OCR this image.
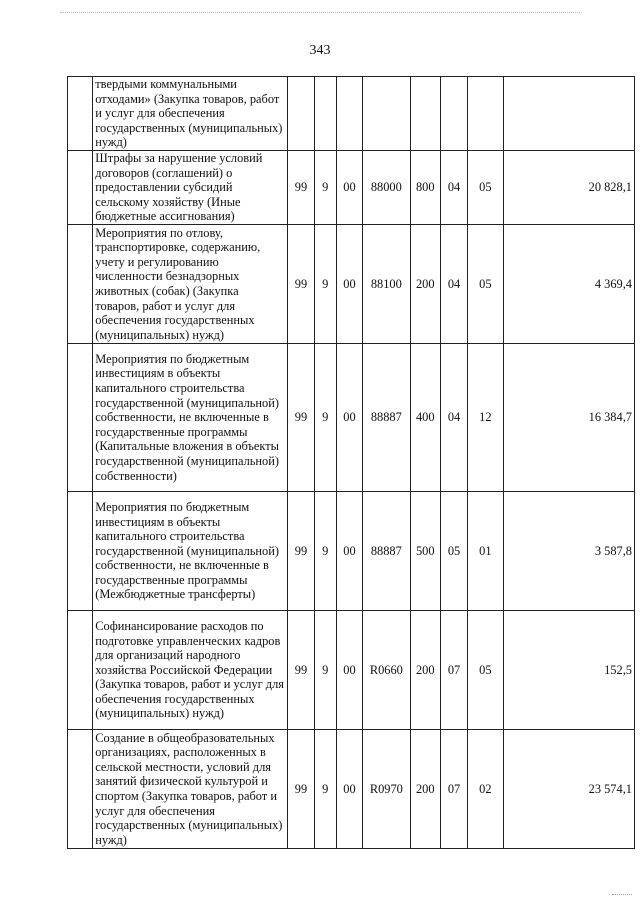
343
	твердыми коммунальными отходами» (Закупка товаров, работ и услуг для обеспечения государственных (муниципальных) нужд)								
	Штрафы за нарушение условий договоров (соглашений) о предоставлении субсидий сельскому хозяйству (Иные бюджетные ассигнования)	99	9	00	88000	800	04	05	20 828,1
	Мероприятия по отлову, транспортировке, содержанию, учету и регулированию численности безнадзорных животных (собак) (Закупка товаров, работ и услуг для обеспечения государственных (муниципальных) нужд)	99	9	00	88100	200	04	05	4 369,4
	Мероприятия по бюджетным инвестициям в объекты капитального строительства государственной (муниципальной) собственности, не включенные в государственные программы (Капитальные вложения в объекты государственной (муниципальной) собственности)	99	9	00	88887	400	04	12	16 384,7
	Мероприятия по бюджетным инвестициям в объекты капитального строительства государственной (муниципальной) собственности, не включенные в государственные программы (Межбюджетные трансферты)	99	9	00	88887	500	05	01	3 587,8
	Софинансирование расходов по подготовке управленческих кадров для организаций народного хозяйства Российской Федерации (Закупка товаров, работ и услуг для обеспечения государственных (муниципальных) нужд)	99	9	00	R0660	200	07	05	152,5
	Создание в общеобразовательных организациях, расположенных в сельской местности, условий для занятий физической культурой и спортом (Закупка товаров, работ и услуг для обеспечения государственных (муниципальных) нужд)	99	9	00	R0970	200	07	02	23 574,1
